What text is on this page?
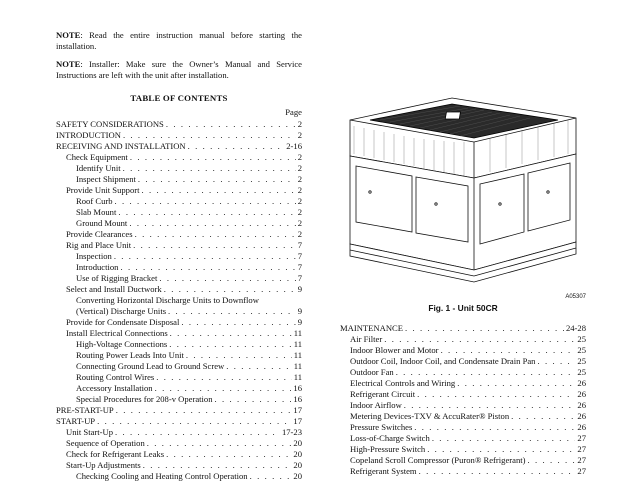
NOTE: Read the entire instruction manual before starting the installation.

NOTE: Installer: Make sure the Owner’s Manual and Service Instructions are left with the unit after installation.

TABLE OF CONTENTS
Page
SAFETY CONSIDERATIONS . . .	2
INTRODUCTION . . .	2
RECEIVING AND INSTALLATION . . .	2-16
Check Equipment . . .	2
Identify Unit . . .	2
Inspect Shipment . . .	2
Provide Unit Support . . .	2
Roof Curb . . .	2
Slab Mount . . .	2
Ground Mount . . .	2
Provide Clearances . . .	2
Rig and Place Unit . . .	7
Inspection . . .	7
Introduction . . .	7
Use of Rigging Bracket . . .	7
Select and Install Ductwork . . .	9
Converting Horizontal Discharge Units to Downflow
(Vertical) Discharge Units . . .	9
Provide for Condensate Disposal . . .	9
Install Electrical Connections . . .	11
High-Voltage Connections . . .	11
Routing Power Leads Into Unit . . .	11
Connecting Ground Lead to Ground Screw . . .	11
Routing Control Wires . . .	11
Accessory Installation . . .	16
Special Procedures for 208-v Operation . . .	16
PRE-START-UP . . .	17
START-UP . . .	17
Unit Start-Up . . .	17-23
Sequence of Operation . . .	20
Check for Refrigerant Leaks . . .	20
Start-Up Adjustments . . .	20
Checking Cooling and Heating Control Operation . . .	20
A05307
Fig. 1 - Unit 50CR
MAINTENANCE . . .	24-28
Air Filter . . .	25
Indoor Blower and Motor . . .	25
Outdoor Coil, Indoor Coil, and Condensate Drain Pan . . .	25
Outdoor Fan . . .	25
Electrical Controls and Wiring . . .	26
Refrigerant Circuit . . .	26
Indoor Airflow . . .	26
Metering Devices-TXV & AccuRater® Piston . . .	26
Pressure Switches . . .	26
Loss-of-Charge Switch . . .	27
High-Pressure Switch . . .	27
Copeland Scroll Compressor (Puron® Refrigerant) . . .	27
Refrigerant System . . .	27
